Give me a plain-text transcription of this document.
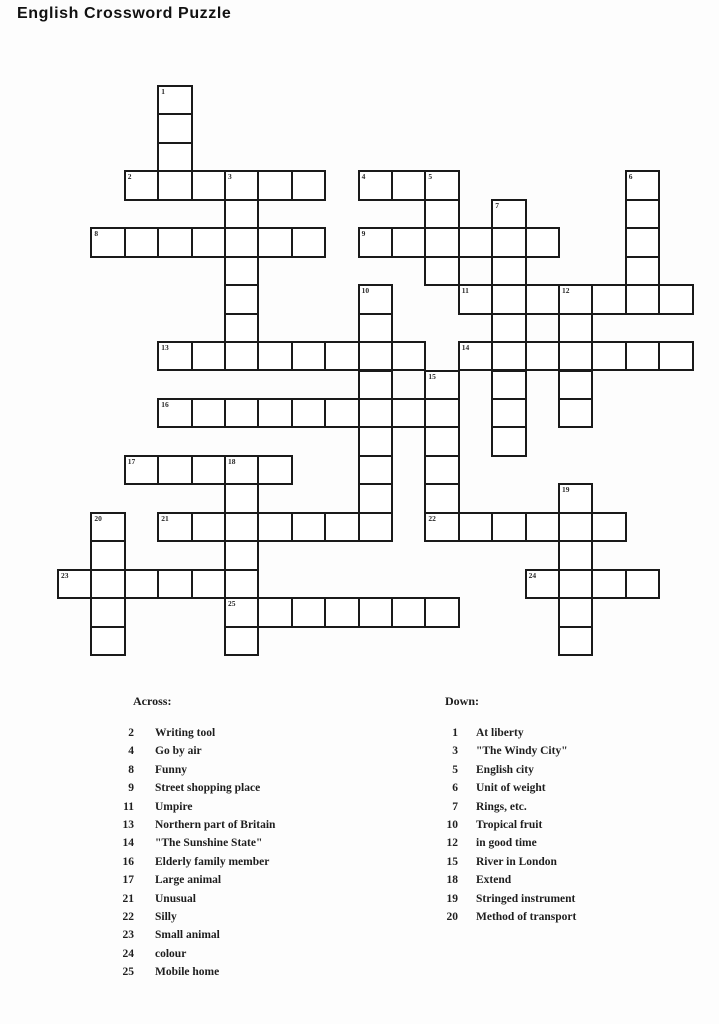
English Crossword Puzzle
1
2	3	4	5	6
7
8	9
10	11	12
13	14
15
22
16
17	18
25
19
20	21
23	24
Across:	Down:
2 Writing tool
4 Go by air
8 Funny
9 Street shopping place
11 Umpire
13 Northern part of Britain
14 "The Sunshine State"
16 Elderly family member
17 Large animal
21 Unusual
22 Silly
23 Small animal
24 colour
25 Mobile home
1 At liberty
3 "The Windy City"
5 English city
6 Unit of weight
7 Rings, etc.
10 Tropical fruit
12 in good time
15 River in London
18 Extend
19 Stringed instrument
20 Method of transport
